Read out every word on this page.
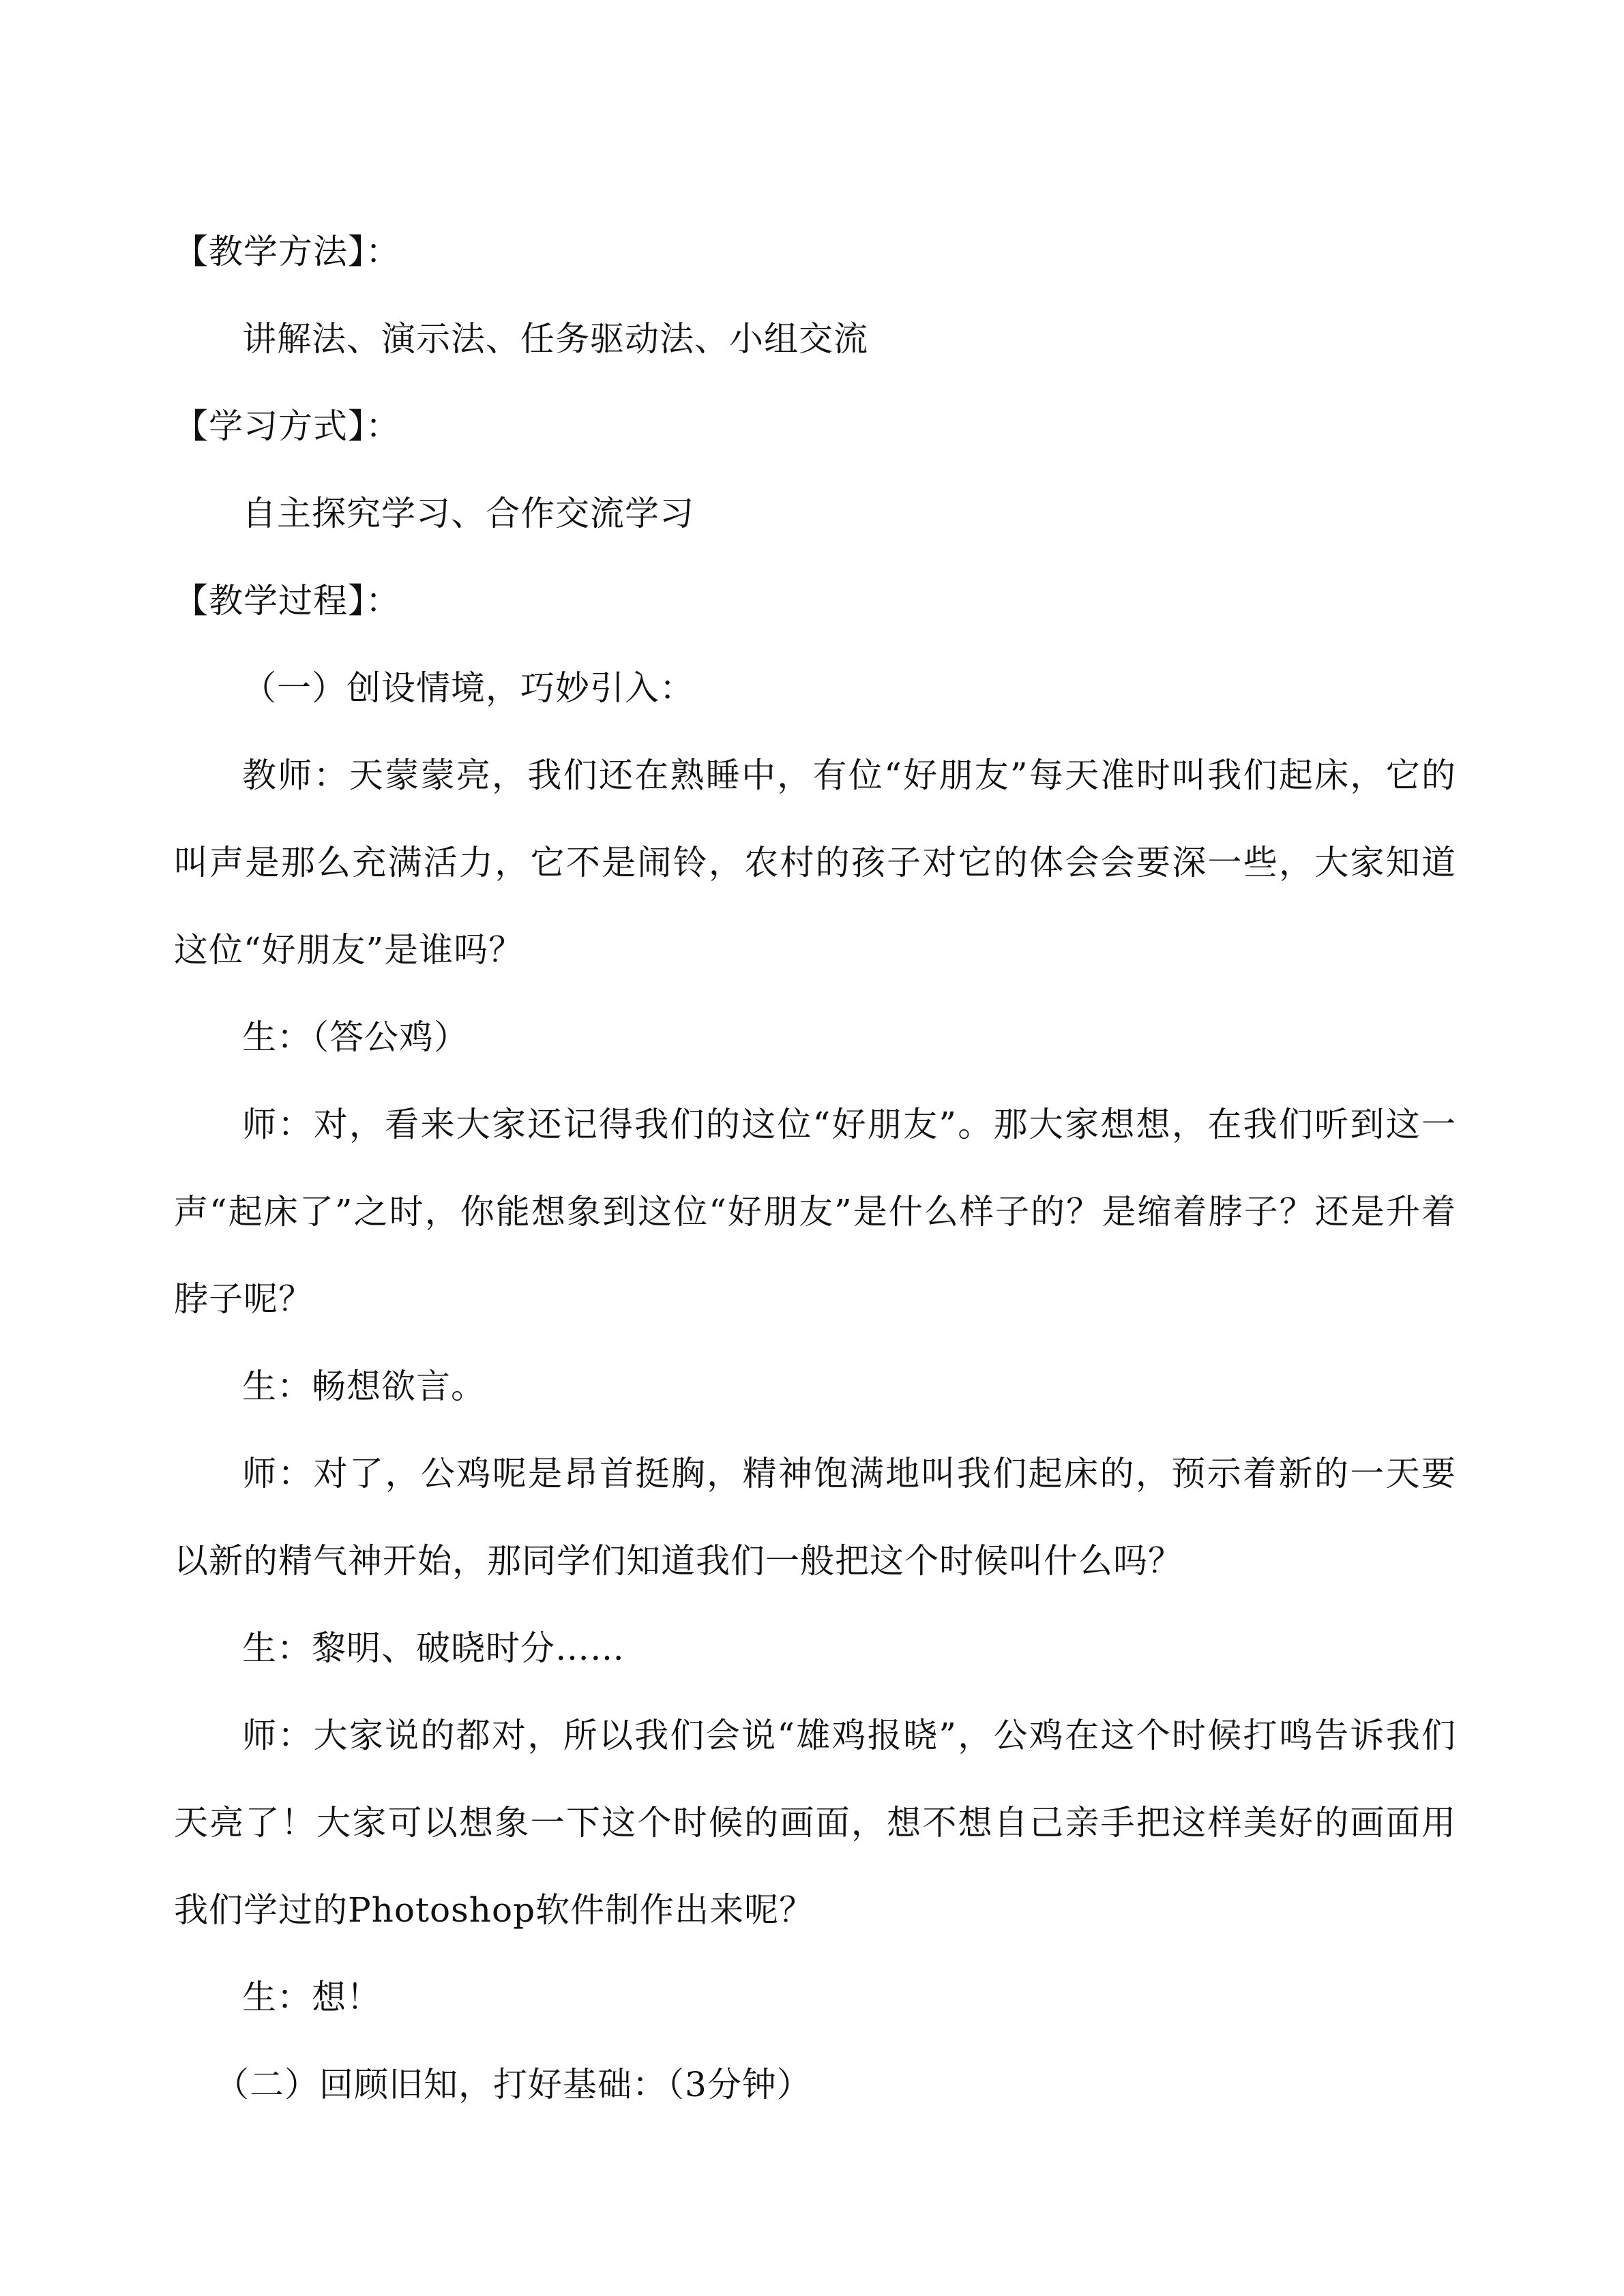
【教学方法】：
讲解法、演示法、任务驱动法、小组交流
【学习方式】：
自主探究学习、合作交流学习
【教学过程】：
（一）创设情境，巧妙引入：

教师：天蒙蒙亮，我们还在熟睡中，有位“好朋友”每天准时叫我们起床，它的叫声是那么充满活力，它不是闹铃，农村的孩子对它的体会会要深一些，大家知道这位“好朋友”是谁吗？

生：（答公鸡）

师：对，看来大家还记得我们的这位“好朋友”。那大家想想，在我们听到这一声“起床了”之时，你能想象到这位“好朋友”是什么样子的？是缩着脖子？还是升着脖子呢？

生：畅想欲言。

师：对了，公鸡呢是昂首挺胸，精神饱满地叫我们起床的，预示着新的一天要以新的精气神开始，那同学们知道我们一般把这个时候叫什么吗？

生：黎明、破晓时分……

师：大家说的都对，所以我们会说“雄鸡报晓”，公鸡在这个时候打鸣告诉我们天亮了！大家可以想象一下这个时候的画面，想不想自己亲手把这样美好的画面用我们学过的Photoshop软件制作出来呢？

生：想！

（二）回顾旧知，打好基础：（3分钟）
